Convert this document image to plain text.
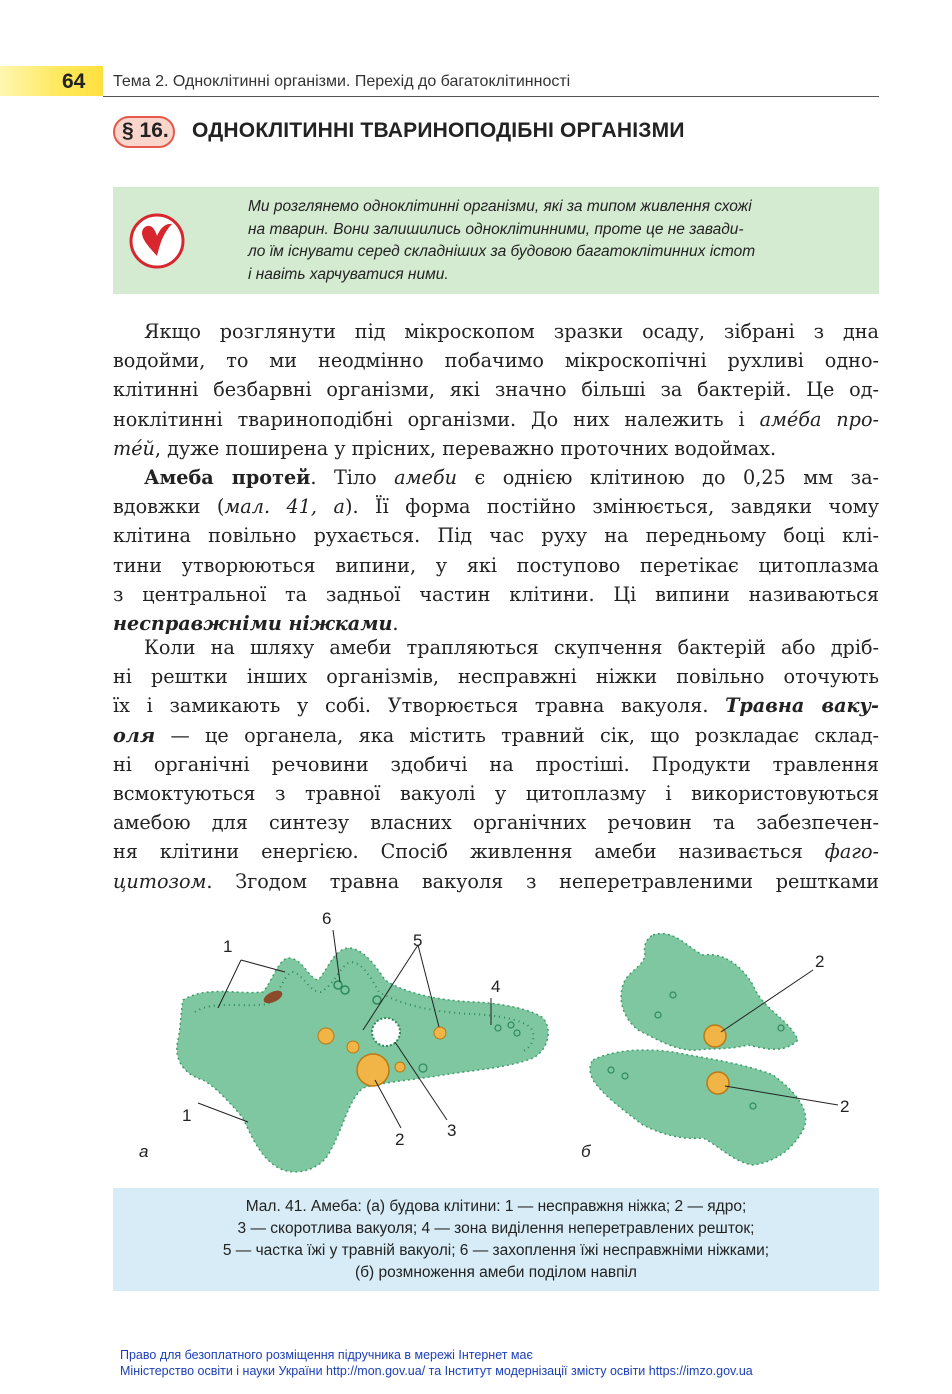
64 Тема 2. Одноклітинні організми. Перехід до багатоклітинності
§ 16. ОДНОКЛІТИННІ ТВАРИНОПОДІБНІ ОРГАНІЗМИ
Ми розглянемо одноклітинні організми, які за типом живлення схожі
на тварин. Вони залишились одноклітинними, проте це не завади-
ло їм існувати серед складніших за будовою багатоклітинних істот
і навіть харчуватися ними.
Якщо розглянути під мікроскопом зразки осаду, зібрані з дна
водойми, то ми неодмінно побачимо мікроскопічні рухливі одно-
клітинні безбарвні організми, які значно більші за бактерій. Це од-
ноклітинні твариноподібні організми. До них належить і амéба про-
тéй, дуже поширена у прісних, переважно проточних водоймах.
Амеба протей. Тіло амеби є однією клітиною до 0,25 мм за-
вдовжки (мал. 41, а). Її форма постійно змінюється, завдяки чому
клітина повільно рухається. Під час руху на передньому боці клі-
тини утворюються випини, у які поступово перетікає цитоплазма
з центральної та задньої частин клітини. Ці випини називаються
несправжніми ніжками.
Коли на шляху амеби трапляються скупчення бактерій або дріб-
ні рештки інших організмів, несправжні ніжки повільно оточують
їх і замикають у собі. Утворюється травна вакуоля. Травна ваку-
оля — це органела, яка містить травний сік, що розкладає склад-
ні органічні речовини здобичі на простіші. Продукти травлення
всмоктуються з травної вакуолі у цитоплазму і використовуються
амебою для синтезу власних органічних речовин та забезпечен-
ня клітини енергією. Спосіб живлення амеби називається фаго-
цитозом. Згодом травна вакуоля з неперетравленими рештками
1
1
6
5
4
2	3
2
2
а	б
Мал. 41. Амеба: (а) будова клітини: 1 — несправжня ніжка; 2 — ядро;
3 — скоротлива вакуоля; 4 — зона виділення неперетравлених решток;
5 — частка їжі у травній вакуолі; 6 — захоплення їжі несправжніми ніжками;
(б) розмноження амеби поділом навпіл
Право для безоплатного розміщення підручника в мережі Інтернет має
Міністерство освіти і науки України http://mon.gov.ua/ та Інститут модернізації змісту освіти https://imzo.gov.ua
